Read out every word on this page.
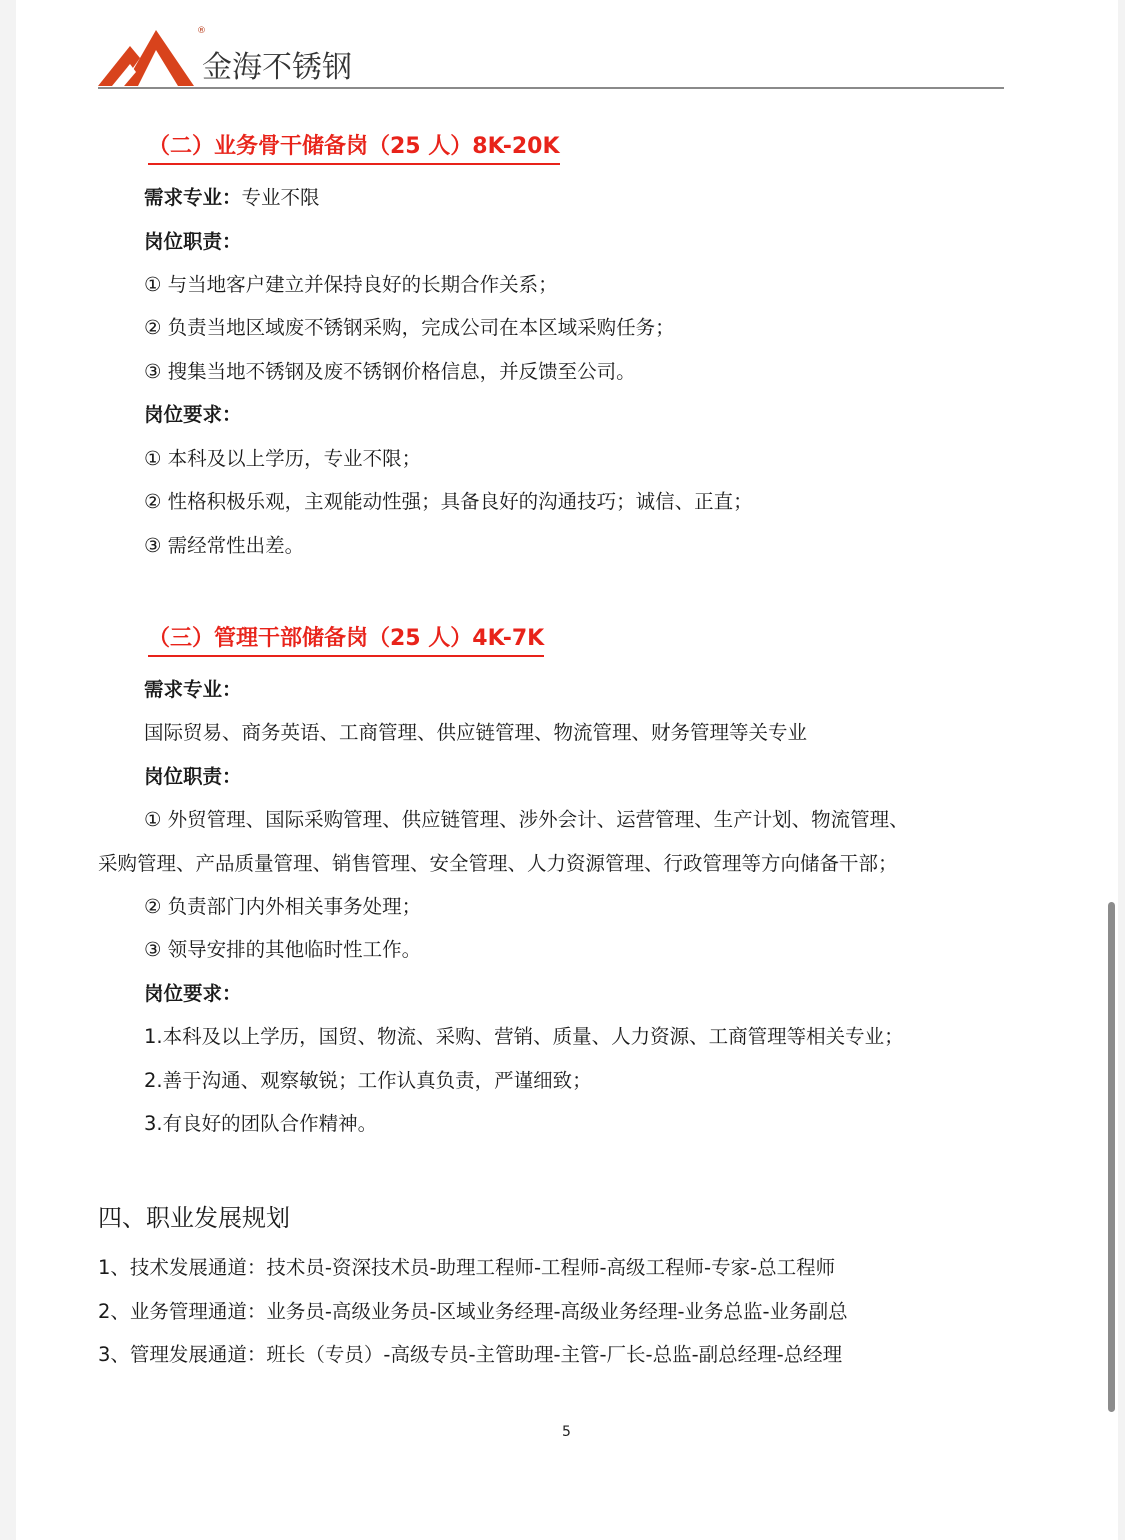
®
金海不锈钢
（二）业务骨干储备岗（25 人）8K-20K
需求专业：专业不限
岗位职责：
① 与当地客户建立并保持良好的长期合作关系；
② 负责当地区域废不锈钢采购，完成公司在本区域采购任务；
③ 搜集当地不锈钢及废不锈钢价格信息，并反馈至公司。
岗位要求：
① 本科及以上学历，专业不限；
② 性格积极乐观，主观能动性强；具备良好的沟通技巧；诚信、正直；
③ 需经常性出差。
（三）管理干部储备岗（25 人）4K-7K
需求专业：
国际贸易、商务英语、工商管理、供应链管理、物流管理、财务管理等关专业
岗位职责：
① 外贸管理、国际采购管理、供应链管理、涉外会计、运营管理、生产计划、物流管理、
采购管理、产品质量管理、销售管理、安全管理、人力资源管理、行政管理等方向储备干部；
② 负责部门内外相关事务处理；
③ 领导安排的其他临时性工作。
岗位要求：
1.本科及以上学历，国贸、物流、采购、营销、质量、人力资源、工商管理等相关专业；
2.善于沟通、观察敏锐；工作认真负责，严谨细致；
3.有良好的团队合作精神。
四、职业发展规划
1、技术发展通道：技术员-资深技术员-助理工程师-工程师-高级工程师-专家-总工程师
2、业务管理通道：业务员-高级业务员-区域业务经理-高级业务经理-业务总监-业务副总
3、管理发展通道：班长（专员）-高级专员-主管助理-主管-厂长-总监-副总经理-总经理
5
